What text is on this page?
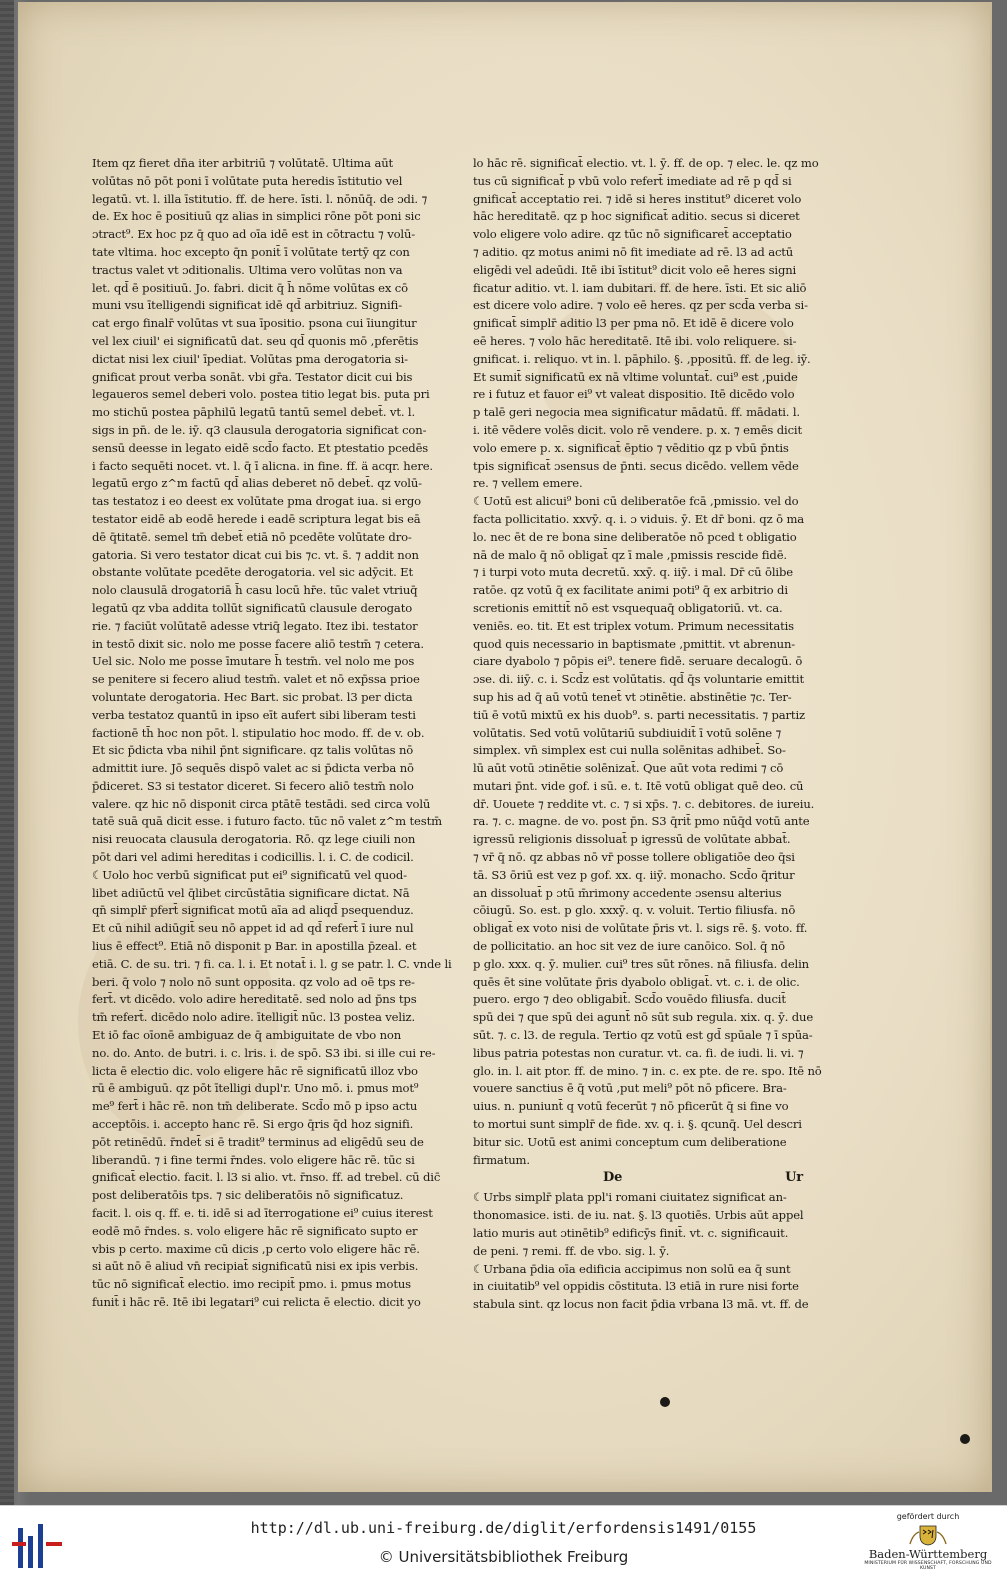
Item qz fieret dn̄a iter arbitriū ⁊ volūtatē. Ultima aūt
volūtas nō pōt poni ī volūtate puta heredis īstitutio vel
legatū. vt. l. illa īstitutio. ff. de here. īsti. l. nōnūq̄. de ɔdi. ⁊
de. Ex hoc ē positiuū qz alias in simplici rōne pōt poni sic
ɔtract⁹. Ex hoc pz q̄ quo ad oīa idē est in cōtractu ⁊ volū-
tate vltima. hoc excepto q̄n ponit̄ ī volūtate tertȳ qz con
tractus valet vt ɔditionalis. Ultima vero volūtas non va
let. qd̄ ē positiuū. Jo. fabri. dicit q̄ h̄ nōme volūtas ex cō
muni vsu ītelligendi significat idē qd̄ arbitriuz. Signifi-
cat ergo finalr̄ volūtas vt sua īpositio. psona cui īiungitur
vel lex ciuil' ei significatū dat. seu qd̄ quonis mō ,pferētis
dictat nisi lex ciuil' īpediat. Volūtas pma derogatoria si-
gnificat prout verba sonāt. vbi gr̄a. Testator dicit cui bis
legaueros semel deberi volo. postea titio legat bis. puta pri
mo stichū postea pāphilū legatū tantū semel debet̄. vt. l.
sigs in pn̄. de le. iȳ. q3 clausula derogatoria significat con-
sensū deesse in legato eidē scd̄o facto. Et ptestatio pcedēs
i facto sequēti nocet. vt. l. q̄ ī alicna. in fine. ff. ä acqr. here.
legatū ergo z^m factū qd̄ alias deberet nō debet̄. qz volū-
tas testatoz i eo deest ex volūtate pma drogat iua. si ergo
testator eidē ab eodē herede i eadē scriptura legat bis eā
dē q̄titatē. semel tm̄ debet̄ etiā nō pcedēte volūtate dro-
gatoria. Si vero testator dicat cui bis ⁊c. vt. s̄. ⁊ addit non
obstante volūtate pcedēte derogatoria. vel sic adȳcit. Et
nolo clausulā drogatoriā h̄ casu locū hr̄e. tūc valet vtriuq̄
legatū qz vba addita tollūt significatū clausule derogato
rie. ⁊ faciūt volūtatē adesse vtriq̄ legato. Itez ibi. testator
in testō dixit sic. nolo me posse facere aliō testm̄ ⁊ cetera.
Uel sic. Nolo me posse īmutare h̄ testm̄. vel nolo me pos
se penitere si fecero aliud testm̄. valet et nō exp̄ssa prioe
voluntate derogatoria. Hec Bart. sic probat. l3 per dicta
verba testatoz quantū in ipso eīt aufert sibi liberam testi
factionē th̄ hoc non pōt. l. stipulatio hoc modo. ff. de v. ob.
Et sic p̄dicta vba nihil p̄nt significare. qz talis volūtas nō
admittit iure. Jō sequēs dispō valet ac si p̄dicta verba nō
p̄diceret. S3 si testator diceret. Si fecero aliō testm̄ nolo
valere. qz hic nō disponit circa ptātē testādi. sed circa volū
tatē suā quā dicit esse. i futuro facto. tūc nō valet z^m testm̄
nisi reuocata clausula derogatoria. Rō. qz lege ciuili non
pōt dari vel adimi hereditas i codicillis. l. i. C. de codicil.
☾Uolo hoc verbū significat put ei⁹ significatū vel quod-
libet adiūctū vel q̄libet circūstātia significare dictat. Nā
qn̄ simplr̄ pfert̄ significat motū aīa ad aliqd̄ psequenduz.
Et cū nihil adiūgit̄ seu nō appet id ad qd̄ refert̄ ī iure nul
lius ē effect⁹. Etiā nō disponit p Bar. in apostilla p̄zeal. et
etiā. C. de su. tri. ⁊ fi. ca. l. i. Et notat̄ i. l. g se patr. l. C. vnde li
beri. q̄ volo ⁊ nolo nō sunt opposita. qz volo ad oē tps re-
fert̄. vt dicēdo. volo adire hereditatē. sed nolo ad p̄ns tps
tm̄ refert̄. dicēdo nolo adire. ītelligit̄ nūc. l3 postea veliz.
Et iō fac oīonē ambiguaz de q̄ ambiguitate de vbo non
no. do. Anto. de butri. i. c. lris. i. de spō. S3 ibi. si ille cui re-
licta ē electio dic. volo eligere hāc rē significatū illoz vbo
rū ē ambiguū. qz pōt ītelligi dupl'r. Uno mō. i. pmus mot⁹
me⁹ fert̄ i hāc rē. non tm̄ deliberate. Scd̄o mō p ipso actu
acceptōis. i. accepto hanc rē. Si ergo q̄ris q̄d hoz signifi.
pōt retinēdū. r̄ndet̄ si ē tradit⁹ terminus ad eligēdū seu de
liberandū. ⁊ i fine termi r̄ndes. volo eligere hāc rē. tūc si
gnificat̄ electio. facit. l. l3 si alio. vt. r̄nso. ff. ad trebel. cū dic̄
post deliberatōis tps. ⁊ sic deliberatōis nō significatuz.
facit. l. ois q. ff. e. ti. idē si ad īterrogatione ei⁹ cuius iterest
eodē mō r̄ndes. s. volo eligere hāc rē significato supto er
vbis p certo. maxime cū dicis ,p certo volo eligere hāc rē.
si aūt nō ē aliud vn̄ recipiat̄ significatū nisi ex ipis verbis.
tūc nō significat̄ electio. imo recipit̄ pmo. i. pmus motus
funit̄ i hāc rē. Itē ibi legatari⁹ cui relicta ē electio. dicit yo
lo hāc rē. significat̄ electio. vt. l. ȳ. ff. de op. ⁊ elec. le. qz mo
tus cū significat̄ p vbū volo refert̄ imediate ad rē p qd̄ si
gnificat̄ acceptatio rei. ⁊ idē si heres institut⁹ diceret volo
hāc hereditatē. qz p hoc significat̄ aditio. secus si diceret
volo eligere volo adire. qz tūc nō significaret̄ acceptatio
⁊ aditio. qz motus animi nō fit imediate ad rē. l3 ad actū
eligēdi vel adeūdi. Itē ibi īstitut⁹ dicit volo eē heres signi
ficatur aditio. vt. l. iam dubitari. ff. de here. īsti. Et sic aliō
est dicere volo adire. ⁊ volo eē heres. qz per scd̄a verba si-
gnificat̄ simplr̄ aditio l3 per pma nō. Et idē ē dicere volo
eē heres. ⁊ volo hāc hereditatē. Itē ibi. volo reliquere. si-
gnificat. i. reliquo. vt in. l. pāphilo. §. ,ppositū. ff. de leg. iȳ.
Et sumit̄ significatū ex nā vltime voluntat̄. cui⁹ est ,puide
re i futuz et fauor ei⁹ vt valeat dispositio. Itē dicēdo volo
p talē geri negocia mea significatur mādatū. ff. mādati. l.
i. itē vēdere volēs dicit. volo rē vendere. p. x. ⁊ emēs dicit
volo emere p. x. significat̄ ēptio ⁊ vēditio qz p vbū p̄ntis
tpis significat̄ ɔsensus de p̄nti. secus dicēdo. vellem vēde
re. ⁊ vellem emere.
☾Uotū est alicui⁹ boni cū deliberatōe fcā ,pmissio. vel do
facta pollicitatio. xxvȳ. q. i. ɔ viduis. ȳ. Et dr̄ boni. qz ō ma
lo. nec ēt de re bona sine deliberatōe nō pced t obligatio
nā de malo q̄ nō obligat̄ qz ī male ,pmissis rescide fidē.
⁊ i turpi voto muta decretū. xxȳ. q. iiȳ. i mal. Dr̄ cū ōlibe
ratōe. qz votū q̄ ex facilitate animi poti⁹ q̄ ex arbitrio di
scretionis emittit̄ nō est vsquequaq̄ obligatoriū. vt. ca.
veniēs. eo. tit. Et est triplex votum. Primum necessitatis
quod quis necessario in baptismate ,pmittit. vt abrenun-
ciare dyabolo ⁊ pōpis ei⁹. tenere fidē. seruare decalogū. ō
ɔse. di. iiȳ. c. i. Scd̄z est volūtatis. qd̄ q̄s voluntarie emittit
sup his ad q̄ aū votū tenet̄ vt ɔtinētie. abstinētie ⁊c. Ter-
tiū ē votū mixtū ex his duob⁹. s. parti necessitatis. ⁊ partiz
volūtatis. Sed votū volūtariū subdiuidit̄ ī votū solēne ⁊
simplex. vn̄ simplex est cui nulla solēnitas adhibet̄. So-
lū aūt votū ɔtinētie solēnizat̄. Que aūt vota redimi ⁊ cō
mutari p̄nt. vide gof. i sū. e. t. Itē votū obligat quē deo. cū
dr̄. Uouete ⁊ reddite vt. c. ⁊ si xp̄s. ⁊. c. debitores. de iureiu.
ra. ⁊. c. magne. de vo. post p̄n. S3 q̄rit̄ pmo nūq̄d votū ante
igressū religionis dissoluat̄ p igressū de volūtate abbat̄.
⁊ vr̄ q̄ nō. qz abbas nō vr̄ posse tollere obligatiōe deo q̄si
tā. S3 ōriū est vez p gof. xx. q. iiȳ. monacho. Scd̄o q̄ritur
an dissoluat̄ p ɔtū m̄rimony accedente ɔsensu alterius
cōiugū. So. est. p glo. xxxȳ. q. v. voluit. Tertio filiusfa. nō
obligat̄ ex voto nisi de volūtate p̄ris vt. l. sigs rē. §. voto. ff.
de pollicitatio. an hoc sit vez de iure canōico. Sol. q̄ nō
p glo. xxx. q. ȳ. mulier. cui⁹ tres sūt rōnes. nā filiusfa. delin
quēs ēt sine volūtate p̄ris dyabolo obligat̄. vt. c. i. de olic.
puero. ergo ⁊ deo obligabit̄. Scd̄o vouēdo filiusfa. ducit̄
spū dei ⁊ que spū dei agunt̄ nō sūt sub regula. xix. q. ȳ. due
sūt. ⁊. c. l3. de regula. Tertio qz votū est gd̄ spūale ⁊ ī spūa-
libus patria potestas non curatur. vt. ca. fi. de iudi. li. vi. ⁊
glo. in. l. ait ptor. ff. de mino. ⁊ in. c. ex pte. de re. spo. Itē nō
vouere sanctius ē q̄ votū ,put meli⁹ pōt nō pficere. Bra-
uius. n. puniunt̄ q votū fecerūt ⁊ nō pficerūt q̄ si fine vo
to mortui sunt simplr̄ de fide. xv. q. i. §. qcunq̄. Uel descri
bitur sic. Uotū est animi conceptum cum deliberatione
firmatum.
De	Ur
☾Urbs simplr̄ plata ppl'i romani ciuitatez significat an-
thonomasice. isti. de iu. nat. §. l3 quotiēs. Urbis aūt appel
latio muris aut ɔtinētib⁹ edificȳs finit̄. vt. c. significauit.
de peni. ⁊ remi. ff. de vbo. sig. l. ȳ.
☾Urbana p̄dia oīa edificia accipimus non solū ea q̄ sunt
in ciuitatib⁹ vel oppidis cōstituta. l3 etiā in rure nisi forte
stabula sint. qz locus non facit p̄dia vrbana l3 mā. vt. ff. de
http://dl.ub.uni-freiburg.de/diglit/erfordensis1491/0155
© Universitätsbibliothek Freiburg
gefördert durch
Baden-Württemberg
MINISTERIUM FÜR WISSENSCHAFT, FORSCHUNG UND KUNST
